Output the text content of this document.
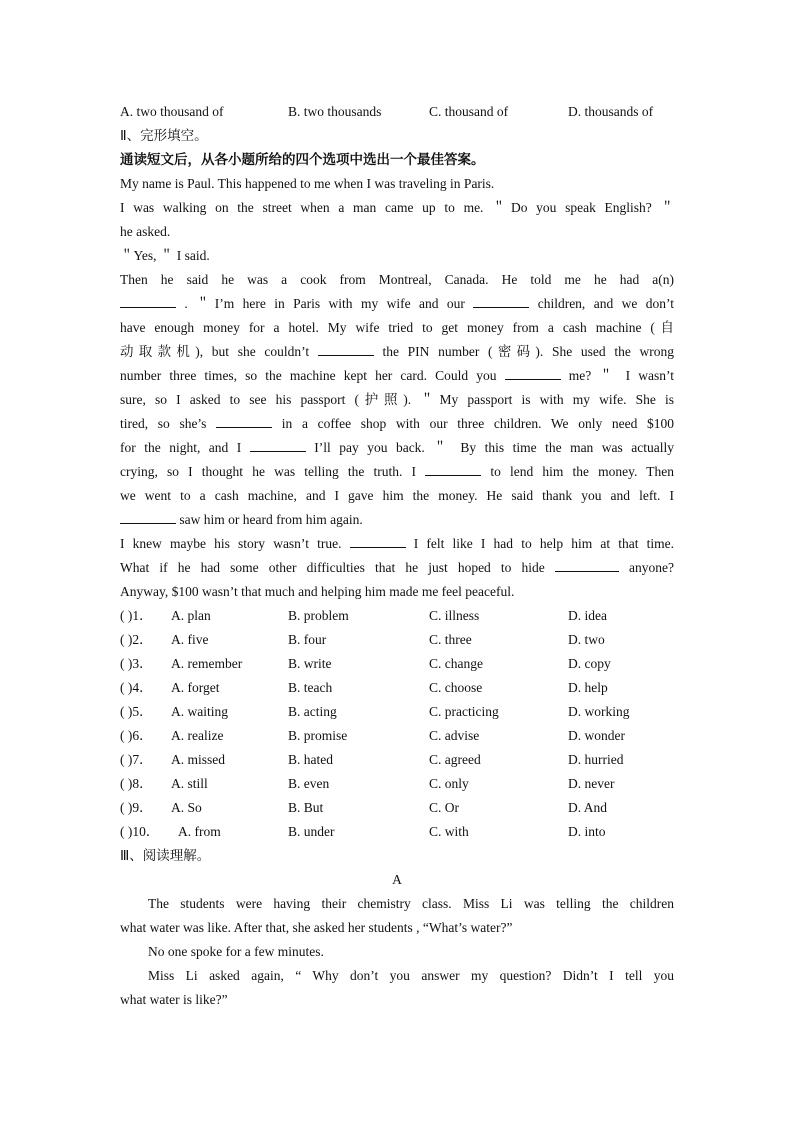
A. two thousand of	B. two thousands	C. thousand of	D. thousands of
Ⅱ、完形填空。
通读短文后，从各小题所给的四个选项中选出一个最佳答案。
My name is Paul. This happened to me when I was traveling in Paris.
I was walking on the street when a man came up to me. ＂Do you speak English? ＂
he asked.
＂Yes, ＂ I said.
Then he said he was a cook from Montreal, Canada. He told me he had a(n)
. ＂I’m here in Paris with my wife and our	children, and we don’t
have enough money for a hotel. My wife tried to get money from a cash machine (自
动取款机), but she couldn’t	the PIN number (密码). She used the wrong
number three times, so the machine kept her card. Could you	me? ＂ I wasn’t
sure, so I asked to see his passport (护照). ＂My passport is with my wife. She is
tired, so she’s	in a coffee shop with our three children. We only need $100
for the night, and I	I’ll pay you back. ＂ By this time the man was actually
crying, so I thought he was telling the truth. I	to lend him the money. Then
we went to a cash machine, and I gave him the money. He said thank you and left. I
saw him or heard from him again.
I knew maybe his story wasn’t true.	I felt like I had to help him at that time.
What if he had some other difficulties that he just hoped to hide	anyone?
Anyway, $100 wasn’t that much and helping him made me feel peaceful.
( )1．	A. plan	B. problem	C. illness	D. idea
( )2．	A. five	B. four	C. three	D. two
( )3．	A. remember	B. write	C. change	D. copy
( )4．	A. forget	B. teach	C. choose	D. help
( )5．	A. waiting	B. acting	C. practicing	D. working
( )6．	A. realize	B. promise	C. advise	D. wonder
( )7．	A. missed	B. hated	C. agreed	D. hurried
( )8．	A. still	B. even	C. only	D. never
( )9．	A. So	B. But	C. Or	D. And
( )10．	A. from	B. under	C. with	D. into
Ⅲ、阅读理解。
A
The students were having their chemistry class. Miss Li was telling the children
what water was like. After that, she asked her students , “What’s water?”
No one spoke for a few minutes.
Miss Li asked again, “ Why don’t you answer my question? Didn’t I tell you
what water is like?”
